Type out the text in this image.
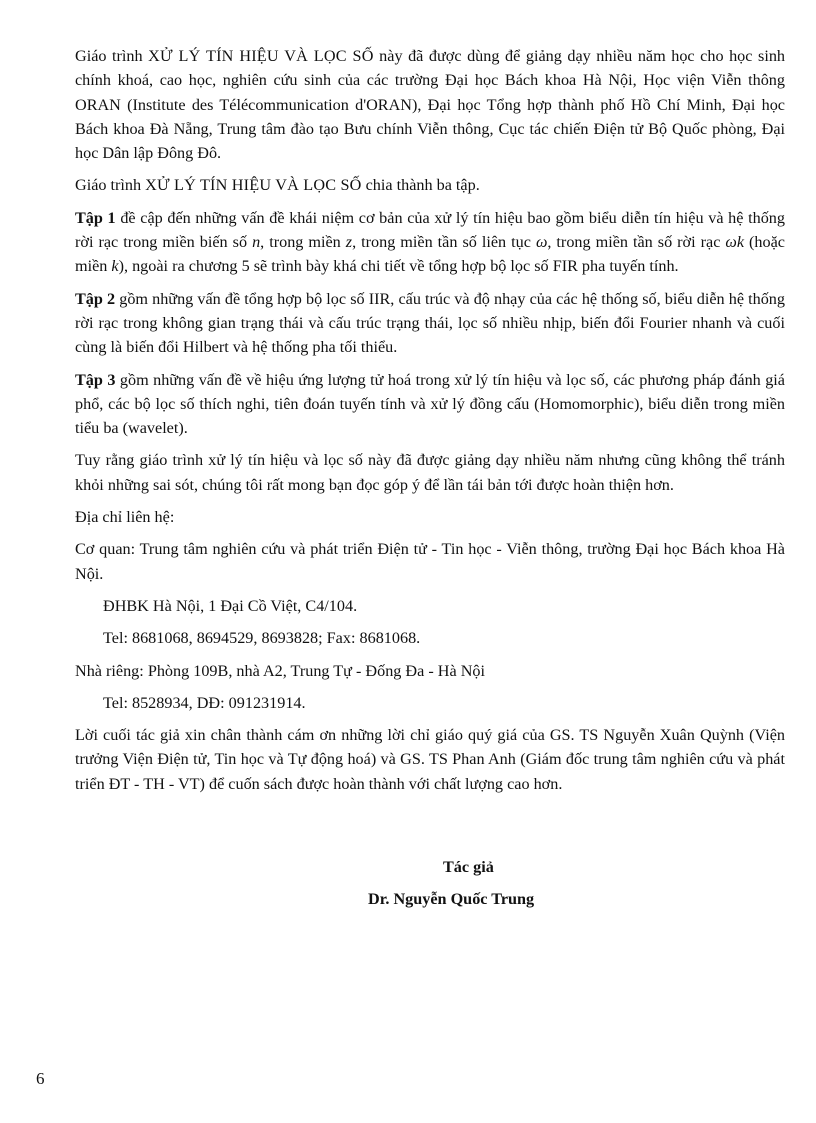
Giáo trình XỬ LÝ TÍN HIỆU VÀ LỌC SỐ này đã được dùng để giảng dạy nhiều năm học cho học sinh chính khoá, cao học, nghiên cứu sinh của các trường Đại học Bách khoa Hà Nội, Học viện Viễn thông ORAN (Institute des Télécommunication d'ORAN), Đại học Tổng hợp thành phố Hồ Chí Minh, Đại học Bách khoa Đà Nẵng, Trung tâm đào tạo Bưu chính Viễn thông, Cục tác chiến Điện tử Bộ Quốc phòng, Đại học Dân lập Đông Đô.

Giáo trình XỬ LÝ TÍN HIỆU VÀ LỌC SỐ chia thành ba tập.

Tập 1 đề cập đến những vấn đề khái niệm cơ bản của xử lý tín hiệu bao gồm biểu diễn tín hiệu và hệ thống rời rạc trong miền biến số n, trong miền z, trong miền tần số liên tục ω, trong miền tần số rời rạc ωk (hoặc miền k), ngoài ra chương 5 sẽ trình bày khá chi tiết về tổng hợp bộ lọc số FIR pha tuyến tính.

Tập 2 gồm những vấn đề tổng hợp bộ lọc số IIR, cấu trúc và độ nhạy của các hệ thống số, biểu diễn hệ thống rời rạc trong không gian trạng thái và cấu trúc trạng thái, lọc số nhiều nhịp, biến đổi Fourier nhanh và cuối cùng là biến đổi Hilbert và hệ thống pha tối thiểu.

Tập 3 gồm những vấn đề về hiệu ứng lượng tử hoá trong xử lý tín hiệu và lọc số, các phương pháp đánh giá phổ, các bộ lọc số thích nghi, tiên đoán tuyến tính và xử lý đồng cấu (Homomorphic), biểu diễn trong miền tiểu ba (wavelet).

Tuy rằng giáo trình xử lý tín hiệu và lọc số này đã được giảng dạy nhiều năm nhưng cũng không thể tránh khỏi những sai sót, chúng tôi rất mong bạn đọc góp ý để lần tái bản tới được hoàn thiện hơn.

Địa chỉ liên hệ:

Cơ quan: Trung tâm nghiên cứu và phát triển Điện tử - Tin học - Viễn thông, trường Đại học Bách khoa Hà Nội.

ĐHBK Hà Nội, 1 Đại Cồ Việt, C4/104.

Tel: 8681068, 8694529, 8693828; Fax: 8681068.

Nhà riêng: Phòng 109B, nhà A2, Trung Tự - Đống Đa - Hà Nội

Tel: 8528934, DĐ: 091231914.

Lời cuối tác giả xin chân thành cám ơn những lời chỉ giáo quý giá của GS. TS Nguyễn Xuân Quỳnh (Viện trưởng Viện Điện tử, Tin học và Tự động hoá) và GS. TS Phan Anh (Giám đốc trung tâm nghiên cứu và phát triển ĐT - TH - VT) để cuốn sách được hoàn thành với chất lượng cao hơn.

Tác giả
Dr. Nguyễn Quốc Trung
6
